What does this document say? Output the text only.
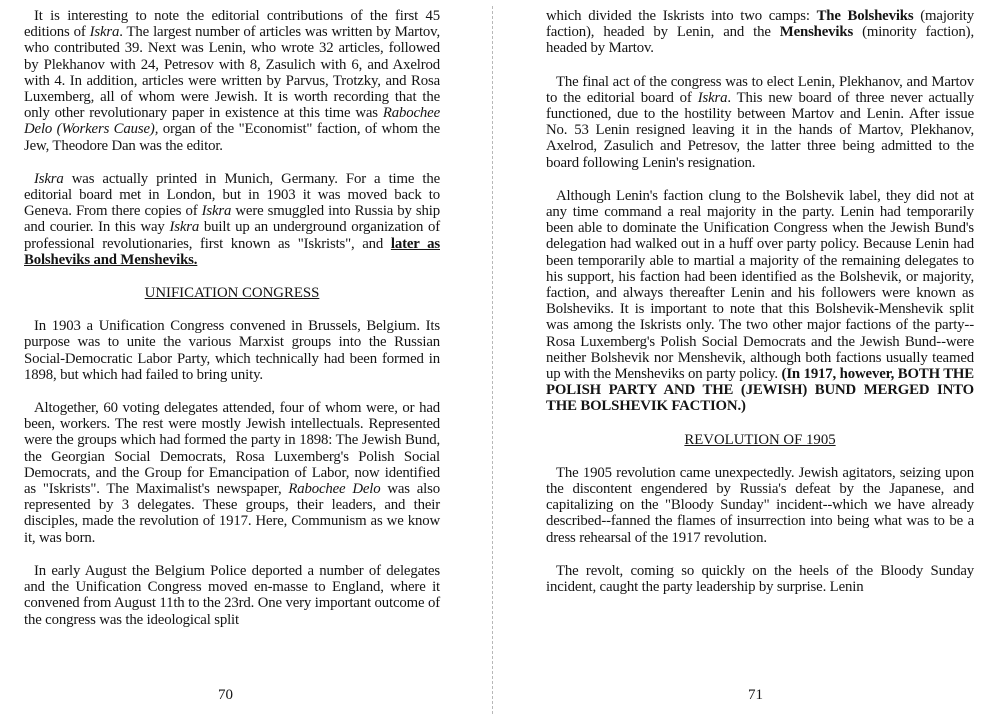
It is interesting to note the editorial contributions of the first 45 editions of Iskra. The largest number of articles was written by Martov, who contributed 39. Next was Lenin, who wrote 32 articles, followed by Plekhanov with 24, Petresov with 8, Zasulich with 6, and Axelrod with 4. In addition, articles were written by Parvus, Trotzky, and Rosa Luxemberg, all of whom were Jewish. It is worth recording that the only other revolutionary paper in existence at this time was Rabochee Delo (Workers Cause), organ of the "Economist" faction, of whom the Jew, Theodore Dan was the editor.

Iskra was actually printed in Munich, Germany. For a time the editorial board met in London, but in 1903 it was moved back to Geneva. From there copies of Iskra were smuggled into Russia by ship and courier. In this way Iskra built up an underground organization of professional revolutionaries, first known as "Iskrists", and later as Bolsheviks and Mensheviks.

UNIFICATION CONGRESS

In 1903 a Unification Congress convened in Brussels, Belgium. Its purpose was to unite the various Marxist groups into the Russian Social-Democratic Labor Party, which technically had been formed in 1898, but which had failed to bring unity.

Altogether, 60 voting delegates attended, four of whom were, or had been, workers. The rest were mostly Jewish intellectuals. Represented were the groups which had formed the party in 1898: The Jewish Bund, the Georgian Social Democrats, Rosa Luxemberg's Polish Social Democrats, and the Group for Emancipation of Labor, now identified as "Iskrists". The Maximalist's newspaper, Rabochee Delo was also represented by 3 delegates. These groups, their leaders, and their disciples, made the revolution of 1917. Here, Communism as we know it, was born.

In early August the Belgium Police deported a number of delegates and the Unification Congress moved en-masse to England, where it convened from August 11th to the 23rd. One very important outcome of the congress was the ideological split

70

which divided the Iskrists into two camps: The Bolsheviks (majority faction), headed by Lenin, and the Mensheviks (minority faction), headed by Martov.

The final act of the congress was to elect Lenin, Plekhanov, and Martov to the editorial board of Iskra. This new board of three never actually functioned, due to the hostility between Martov and Lenin. After issue No. 53 Lenin resigned leaving it in the hands of Martov, Plekhanov, Axelrod, Zasulich and Petresov, the latter three being admitted to the board following Lenin's resignation.

Although Lenin's faction clung to the Bolshevik label, they did not at any time command a real majority in the party. Lenin had temporarily been able to dominate the Unification Congress when the Jewish Bund's delegation had walked out in a huff over party policy. Because Lenin had been temporarily able to martial a majority of the remaining delegates to his support, his faction had been identified as the Bolshevik, or majority, faction, and always thereafter Lenin and his followers were known as Bolsheviks. It is important to note that this Bolshevik-Menshevik split was among the Iskrists only. The two other major factions of the party--Rosa Luxemberg's Polish Social Democrats and the Jewish Bund--were neither Bolshevik nor Menshevik, although both factions usually teamed up with the Mensheviks on party policy. (In 1917, however, BOTH THE POLISH PARTY AND THE (JEWISH) BUND MERGED INTO THE BOLSHEVIK FACTION.)

REVOLUTION OF 1905

The 1905 revolution came unexpectedly. Jewish agitators, seizing upon the discontent engendered by Russia's defeat by the Japanese, and capitalizing on the "Bloody Sunday" incident--which we have already described--fanned the flames of insurrection into being what was to be a dress rehearsal of the 1917 revolution.

The revolt, coming so quickly on the heels of the Bloody Sunday incident, caught the party leadership by surprise. Lenin

71
